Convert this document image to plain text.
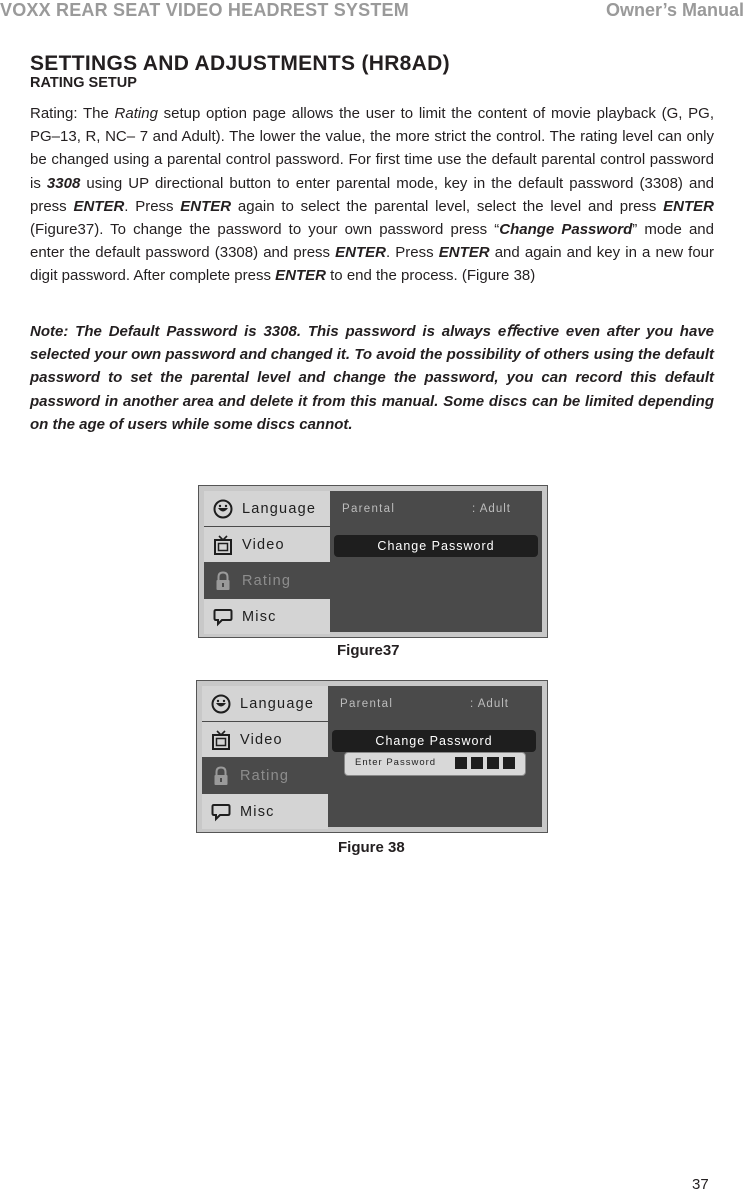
VOXX REAR SEAT VIDEO HEADREST SYSTEM	Owner’s Manual
SETTINGS AND ADJUSTMENTS (HR8AD)
RATING SETUP

Rating: The Rating setup option page allows the user to limit the content of movie playback (G, PG, PG–13, R, NC– 7 and Adult). The lower the value, the more strict the control. The rating level can only be changed using a parental control password. For ﬁrst time use the default parental control password is 3308 using UP directional button to enter parental mode, key in the default password (3308) and press ENTER. Press ENTER again to select the parental level, select the level and press ENTER (Figure37). To change the password to your own password press “Change Password” mode and enter the default password (3308) and press ENTER. Press ENTER and again and key in a new four digit password. After complete press ENTER to end the process. (Figure 38)

Note: The Default Password is 3308. This password is always eﬀective even after you have selected your own password and changed it. To avoid the possibility of others using the default password to set the parental level and change the password, you can record this default password in another area and delete it from this manual. Some discs can be limited depending on the age of users while some discs cannot.
Language
Video
Rating
Misc
Parental	: Adult
Change Password
Figure37
Language
Video
Rating
Misc
Parental	: Adult
Change Password
Enter Password
Figure 38
37
